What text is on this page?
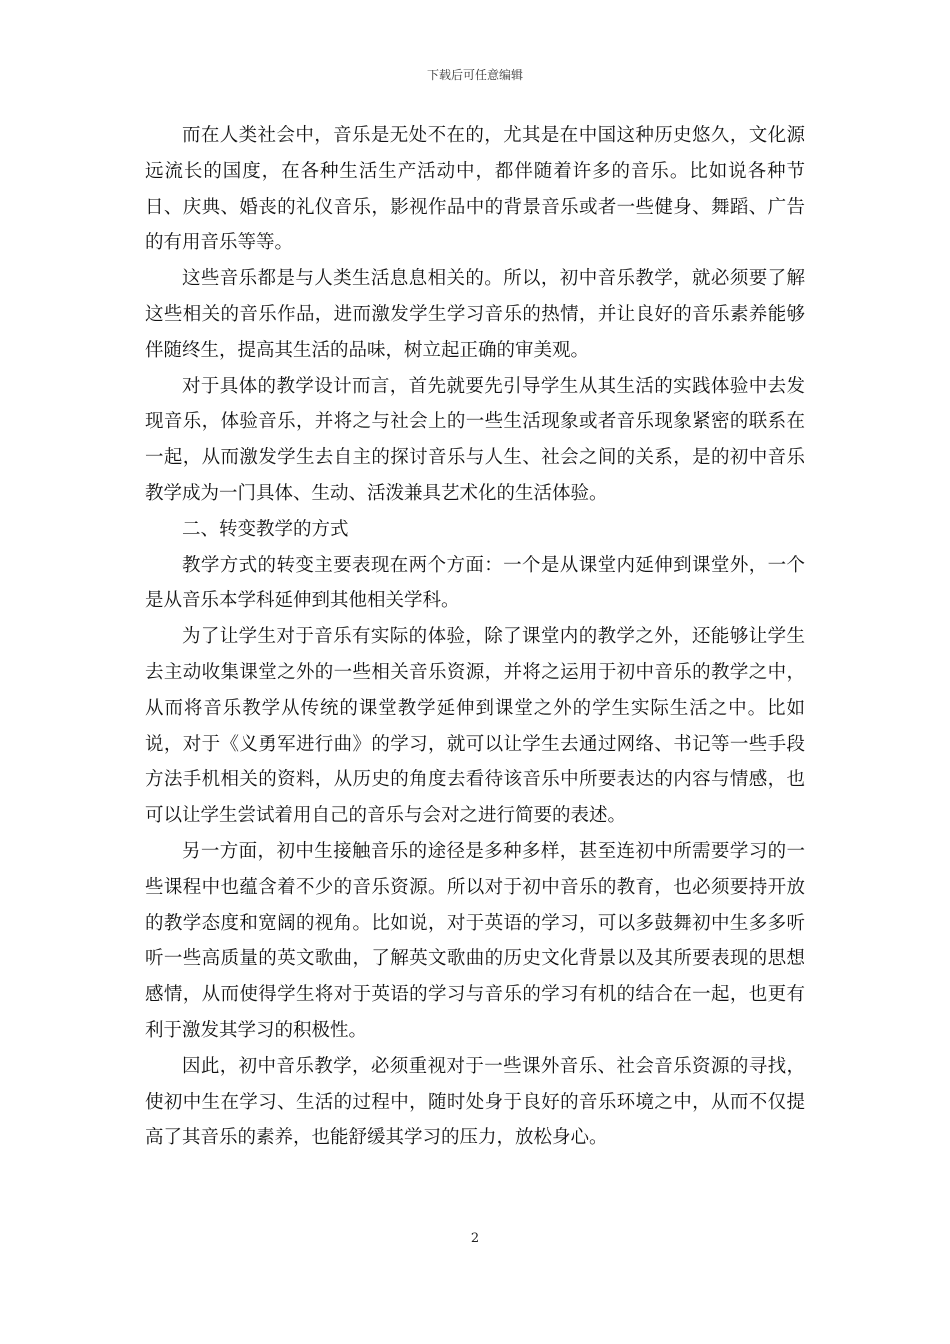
下载后可任意编辑

而在人类社会中，音乐是无处不在的，尤其是在中国这种历史悠久，文化源远流长的国度，在各种生活生产活动中，都伴随着许多的音乐。比如说各种节日、庆典、婚丧的礼仪音乐，影视作品中的背景音乐或者一些健身、舞蹈、广告的有用音乐等等。

这些音乐都是与人类生活息息相关的。所以，初中音乐教学，就必须要了解这些相关的音乐作品，进而激发学生学习音乐的热情，并让良好的音乐素养能够伴随终生，提高其生活的品味，树立起正确的审美观。

对于具体的教学设计而言，首先就要先引导学生从其生活的实践体验中去发现音乐，体验音乐，并将之与社会上的一些生活现象或者音乐现象紧密的联系在一起，从而激发学生去自主的探讨音乐与人生、社会之间的关系，是的初中音乐教学成为一门具体、生动、活泼兼具艺术化的生活体验。

二、转变教学的方式

教学方式的转变主要表现在两个方面：一个是从课堂内延伸到课堂外，一个是从音乐本学科延伸到其他相关学科。

为了让学生对于音乐有实际的体验，除了课堂内的教学之外，还能够让学生去主动收集课堂之外的一些相关音乐资源，并将之运用于初中音乐的教学之中，从而将音乐教学从传统的课堂教学延伸到课堂之外的学生实际生活之中。比如说，对于《义勇军进行曲》的学习，就可以让学生去通过网络、书记等一些手段方法手机相关的资料，从历史的角度去看待该音乐中所要表达的内容与情感，也可以让学生尝试着用自己的音乐与会对之进行简要的表述。

另一方面，初中生接触音乐的途径是多种多样，甚至连初中所需要学习的一些课程中也蕴含着不少的音乐资源。所以对于初中音乐的教育，也必须要持开放的教学态度和宽阔的视角。比如说，对于英语的学习，可以多鼓舞初中生多多听听一些高质量的英文歌曲，了解英文歌曲的历史文化背景以及其所要表现的思想感情，从而使得学生将对于英语的学习与音乐的学习有机的结合在一起，也更有利于激发其学习的积极性。

因此，初中音乐教学，必须重视对于一些课外音乐、社会音乐资源的寻找，使初中生在学习、生活的过程中，随时处身于良好的音乐环境之中，从而不仅提高了其音乐的素养，也能舒缓其学习的压力，放松身心。

2
